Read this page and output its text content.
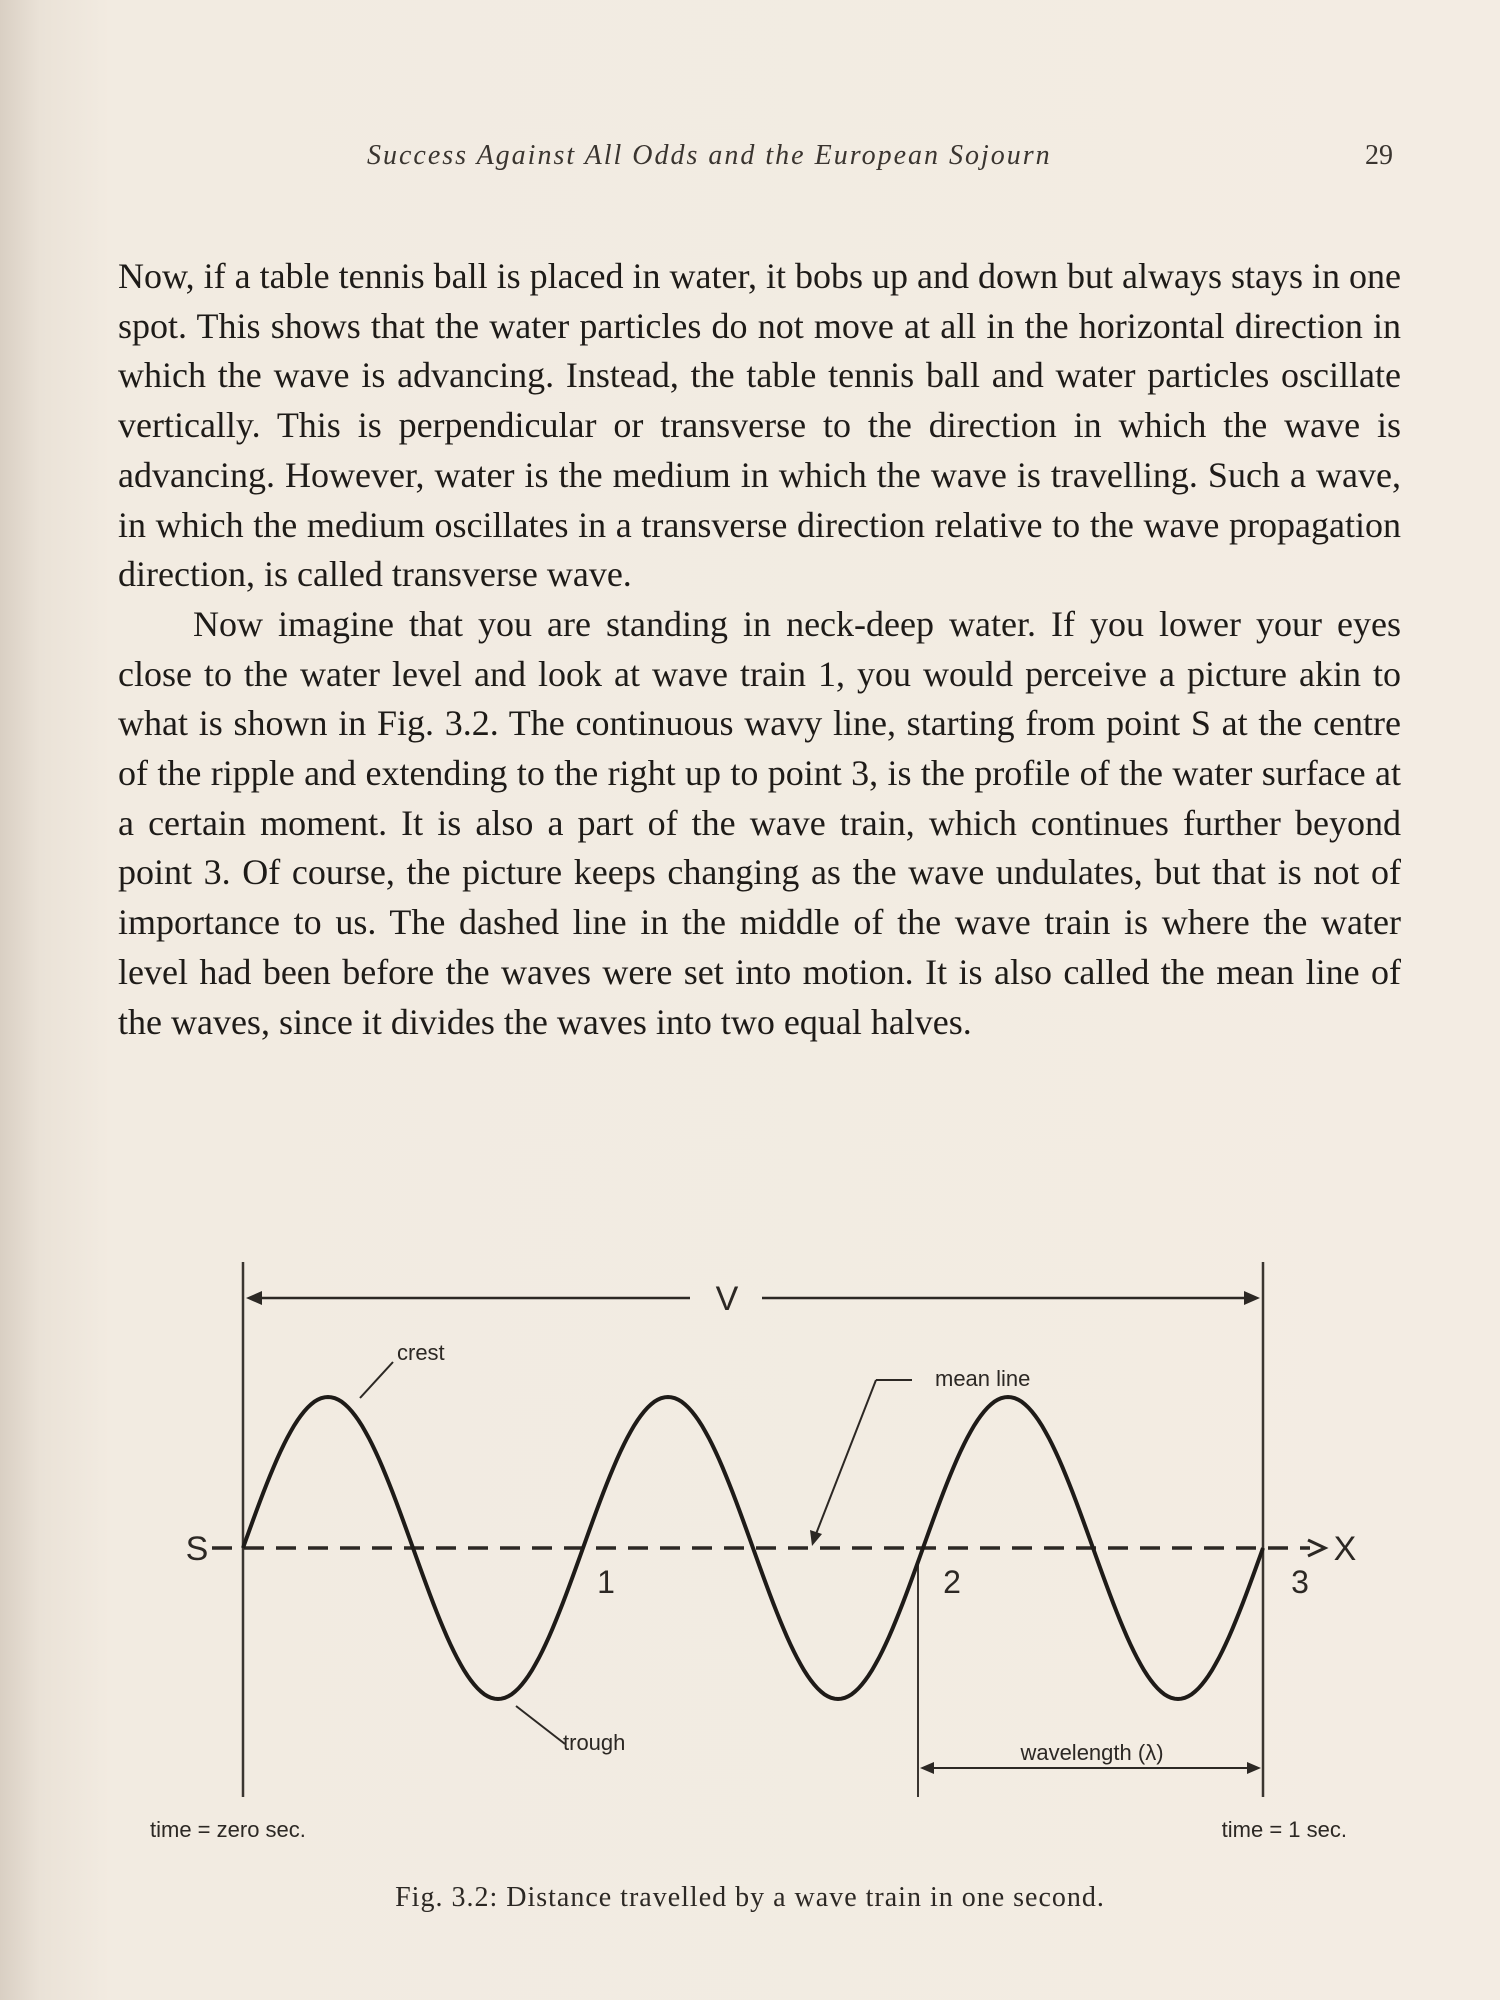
Success Against All Odds and the European Sojourn	29

Now, if a table tennis ball is placed in water, it bobs up and down but always stays in one spot. This shows that the water particles do not move at all in the horizontal direction in which the wave is advancing. Instead, the table tennis ball and water particles oscillate vertically. This is perpendicular or transverse to the direction in which the wave is advancing. However, water is the medium in which the wave is travelling. Such a wave, in which the medium oscillates in a transverse direction relative to the wave propagation direction, is called transverse wave.

Now imagine that you are standing in neck-deep water. If you lower your eyes close to the water level and look at wave train 1, you would perceive a picture akin to what is shown in Fig. 3.2. The continuous wavy line, starting from point S at the centre of the ripple and extending to the right up to point 3, is the profile of the water surface at a certain moment. It is also a part of the wave train, which continues further beyond point 3. Of course, the picture keeps changing as the wave undulates, but that is not of importance to us. The dashed line in the middle of the wave train is where the water level had been before the waves were set into motion. It is also called the mean line of the waves, since it divides the waves into two equal halves.

V
X
S
1	2	3
crest
mean line
trough	wavelength (λ)
time = zero sec.	time = 1 sec.
Fig. 3.2: Distance travelled by a wave train in one second.
